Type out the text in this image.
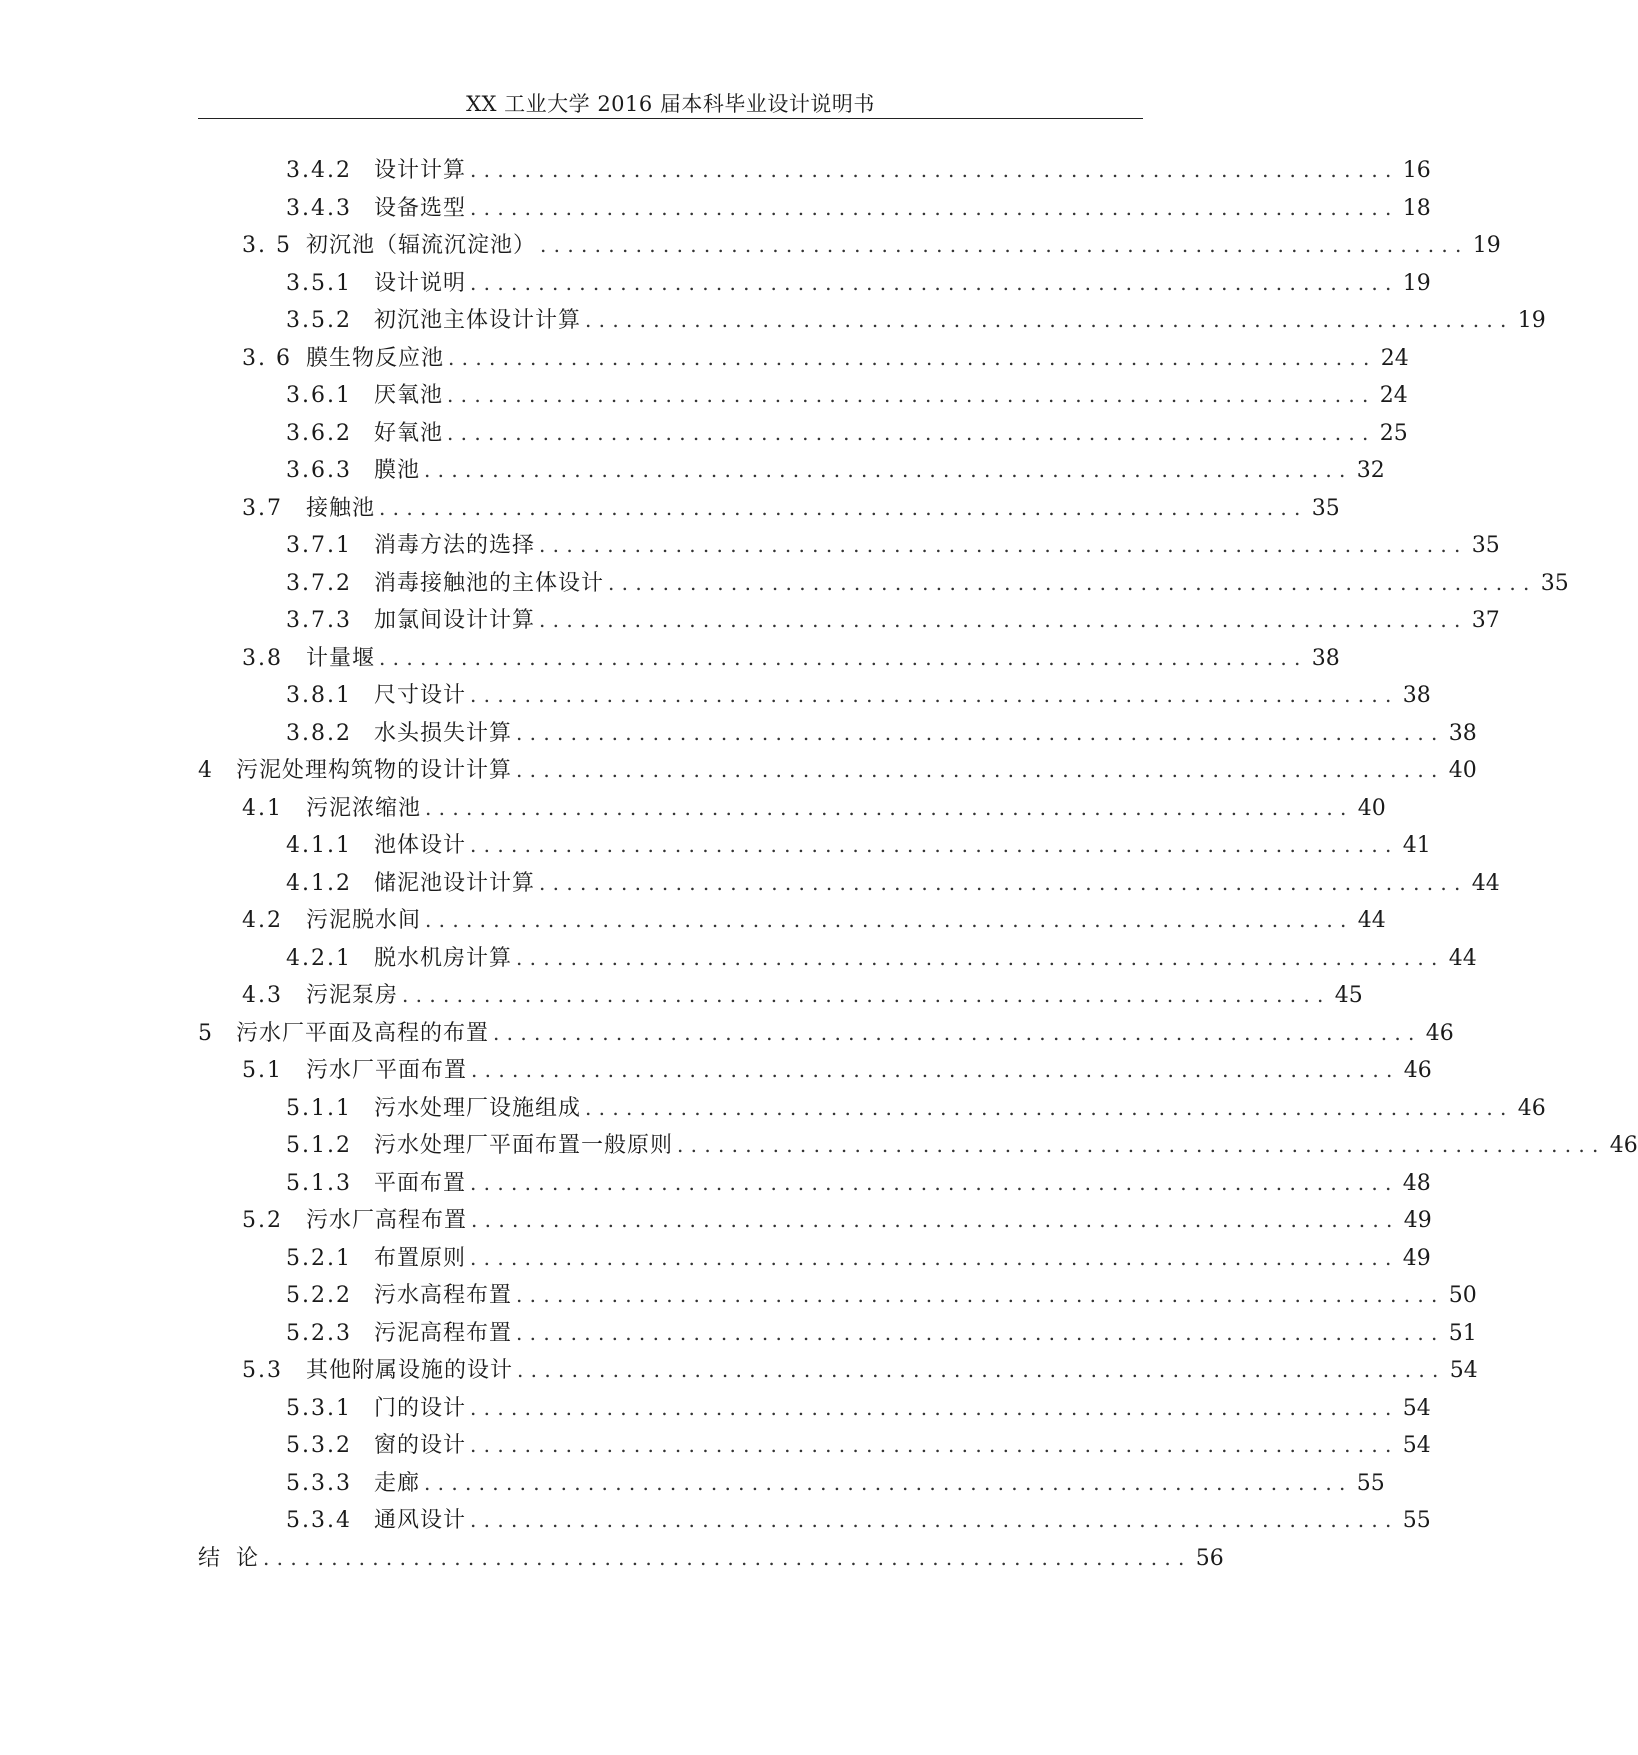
XX 工业大学 2016 届本科毕业设计说明书
3.4.2	设计计算 .................................................................... 16
3.4.3	设备选型 .................................................................... 18
3. 5 初沉池（辐流沉淀池） .................................................................... 19
3.5.1	设计说明 .................................................................... 19
3.5.2	初沉池主体设计计算 .................................................................... 19
3. 6 膜生物反应池 .................................................................... 24
3.6.1	厌氧池 .................................................................... 24
3.6.2	好氧池 .................................................................... 25
3.6.3	膜池 .................................................................... 32
3.7	接触池 .................................................................... 35
3.7.1	消毒方法的选择 .................................................................... 35
3.7.2	消毒接触池的主体设计 .................................................................... 35
3.7.3	加氯间设计计算 .................................................................... 37
3.8	计量堰 .................................................................... 38
3.8.1	尺寸设计 .................................................................... 38
3.8.2	水头损失计算 .................................................................... 38
4	污泥处理构筑物的设计计算 .................................................................... 40
4.1	污泥浓缩池 .................................................................... 40
4.1.1	池体设计 .................................................................... 41
4.1.2	储泥池设计计算 .................................................................... 44
4.2	污泥脱水间 .................................................................... 44
4.2.1	脱水机房计算 .................................................................... 44
4.3	污泥泵房 .................................................................... 45
5	污水厂平面及高程的布置 .................................................................... 46
5.1	污水厂平面布置 .................................................................... 46
5.1.1	污水处理厂设施组成 .................................................................... 46
5.1.2	污水处理厂平面布置一般原则 .................................................................... 46
5.1.3	平面布置 .................................................................... 48
5.2	污水厂高程布置 .................................................................... 49
5.2.1	布置原则 .................................................................... 49
5.2.2	污水高程布置 .................................................................... 50
5.2.3	污泥高程布置 .................................................................... 51
5.3	其他附属设施的设计 .................................................................... 54
5.3.1	门的设计 .................................................................... 54
5.3.2	窗的设计 .................................................................... 54
5.3.3	走廊 .................................................................... 55
5.3.4	通风设计 .................................................................... 55
结 论 .................................................................... 56
